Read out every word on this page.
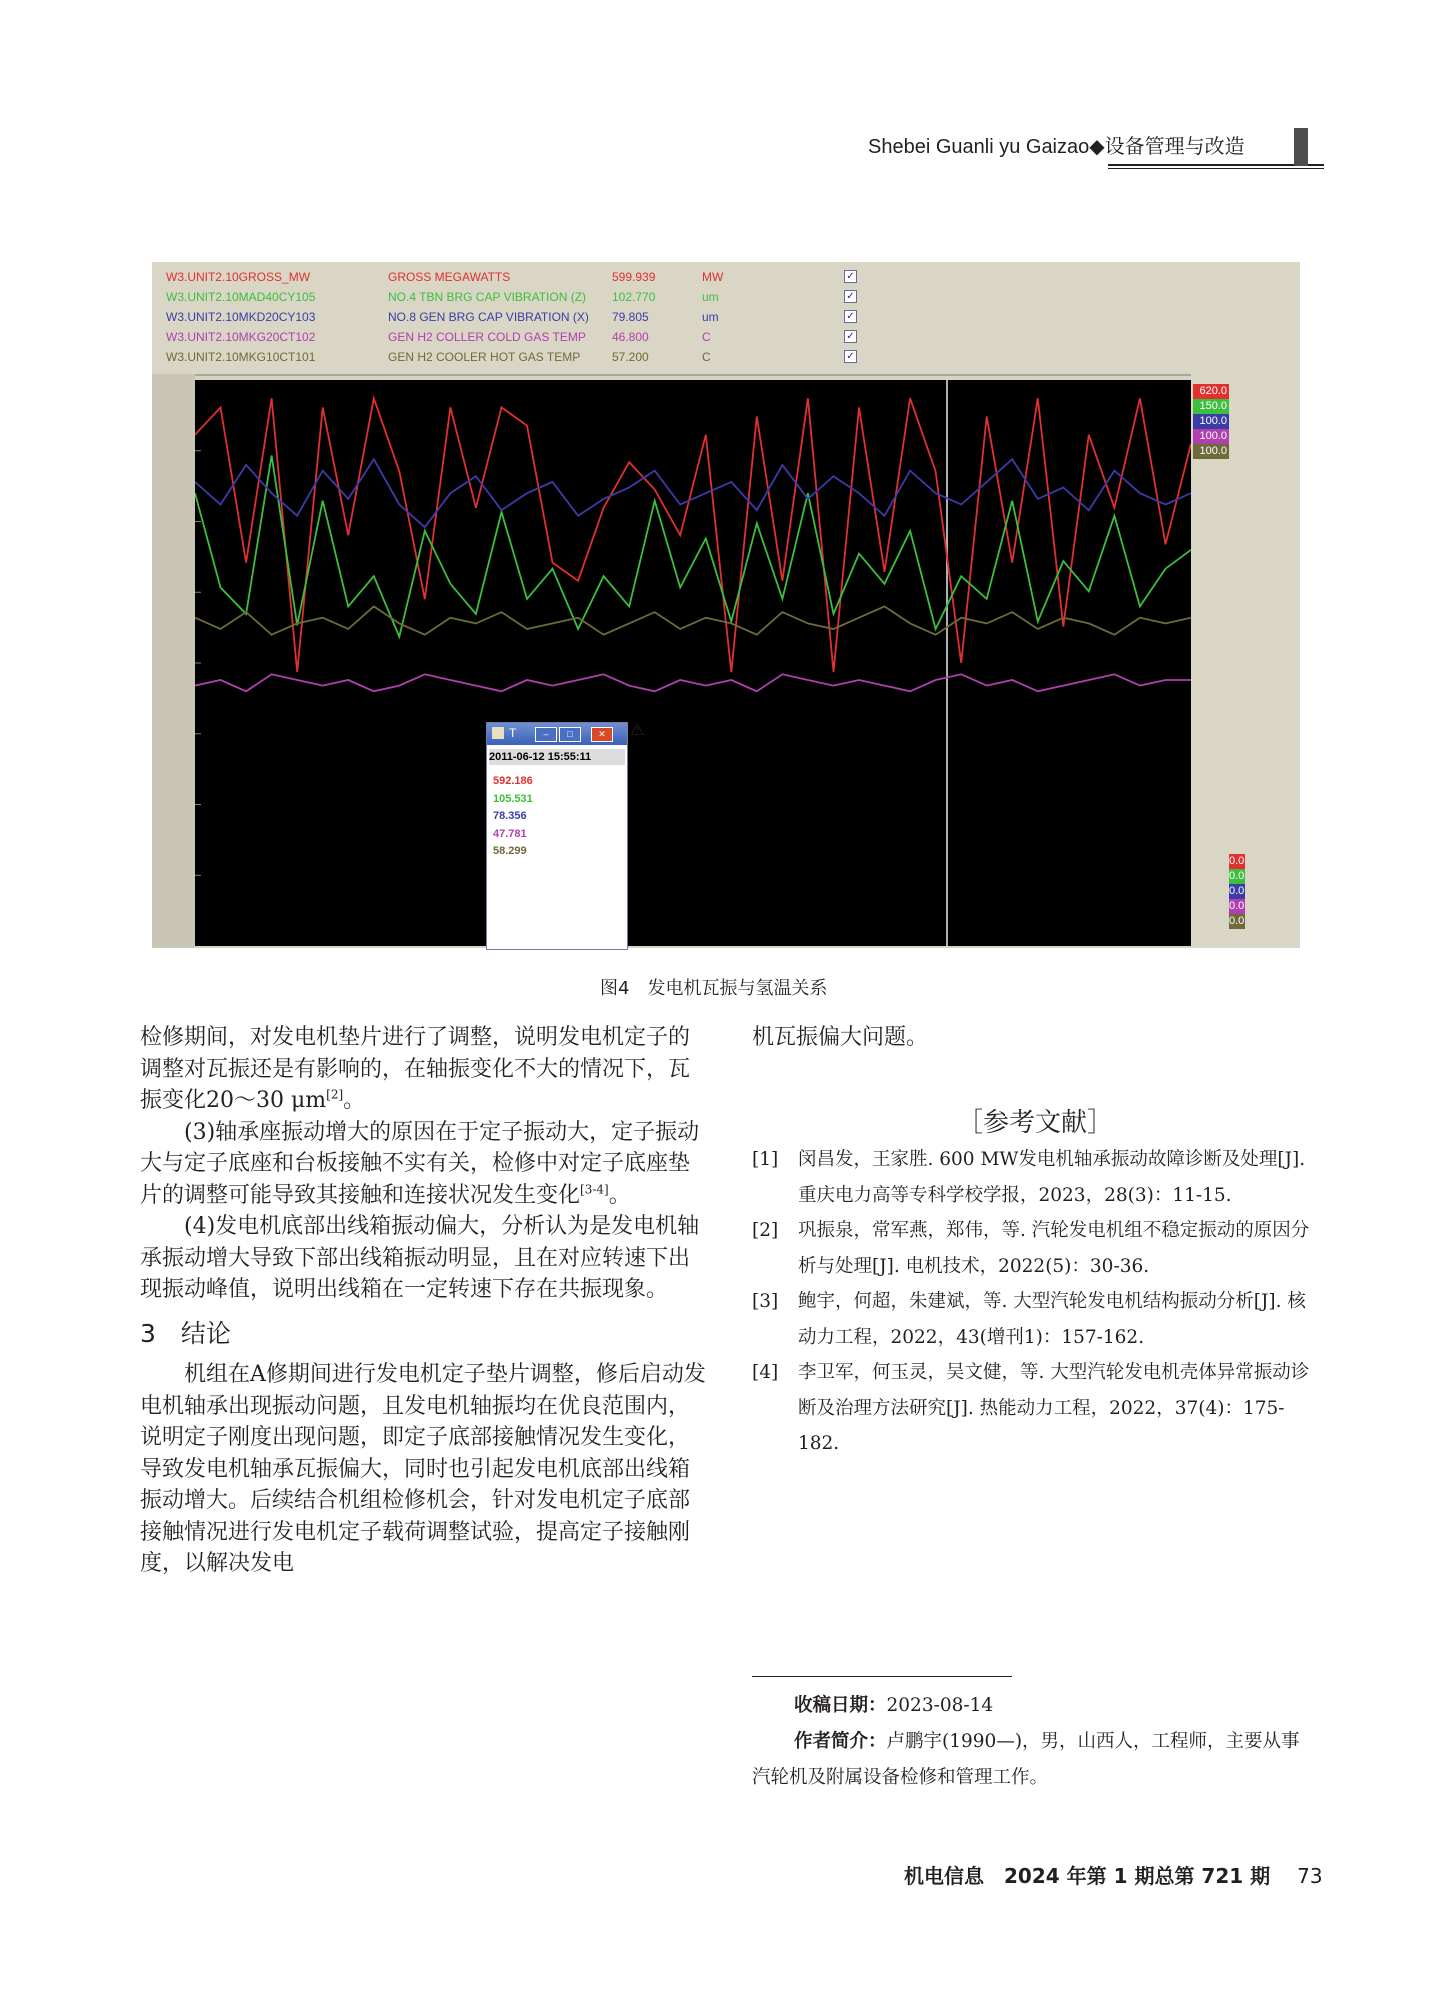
Shebei Guanli yu Gaizao◆设备管理与改造
W3.UNIT2.10GROSS_MW	GROSS MEGAWATTS	599.939	MW	✓
W3.UNIT2.10MAD40CY105	NO.4 TBN BRG CAP VIBRATION (Z) 102.770	um	✓
W3.UNIT2.10MKD20CY103	NO.8 GEN BRG CAP VIBRATION (X) 79.805	um	✓
W3.UNIT2.10MKG20CT102	GEN H2 COLLER COLD GAS TEMP 46.800	C	✓
W3.UNIT2.10MKG10CT101	GEN H2 COOLER HOT GAS TEMP	57.200	C	✓
620.0
150.0
100.0
100.0
100.0
0.0
0.0
0.0
0.0
0.0
T	–	□	✕
2011-06-12 15:55:11
592.186
105.531
78.356
47.781
58.299
⚠
图4　发电机瓦振与氢温关系

检修期间，对发电机垫片进行了调整，说明发电机定子的调整对瓦振还是有影响的，在轴振变化不大的情况下，瓦振变化20～30 μm[2]。

(3)轴承座振动增大的原因在于定子振动大，定子振动大与定子底座和台板接触不实有关，检修中对定子底座垫片的调整可能导致其接触和连接状况发生变化[3-4]。

(4)发电机底部出线箱振动偏大，分析认为是发电机轴承振动增大导致下部出线箱振动明显，且在对应转速下出现振动峰值，说明出线箱在一定转速下存在共振现象。

3　结论

机组在A修期间进行发电机定子垫片调整，修后启动发电机轴承出现振动问题，且发电机轴振均在优良范围内，说明定子刚度出现问题，即定子底部接触情况发生变化，导致发电机轴承瓦振偏大，同时也引起发电机底部出线箱振动增大。后续结合机组检修机会，针对发电机定子底部接触情况进行发电机定子载荷调整试验，提高定子接触刚度，以解决发电

机瓦振偏大问题。

［参考文献］
[1] 闵昌发，王家胜. 600 MW发电机轴承振动故障诊断及处理[J]. 重庆电力高等专科学校学报，2023，28(3)：11-15.
[2] 巩振泉，常军燕，郑伟，等. 汽轮发电机组不稳定振动的原因分析与处理[J]. 电机技术，2022(5)：30-36.
[3] 鲍宇，何超，朱建斌，等. 大型汽轮发电机结构振动分析[J]. 核动力工程，2022，43(增刊1)：157-162.
[4] 李卫军，何玉灵，吴文健，等. 大型汽轮发电机壳体异常振动诊断及治理方法研究[J]. 热能动力工程，2022，37(4)：175-182.
收稿日期：2023-08-14
作者简介：卢鹏宇(1990—)，男，山西人，工程师，主要从事汽轮机及附属设备检修和管理工作。
机电信息　2024 年第 1 期总第 721 期 73
